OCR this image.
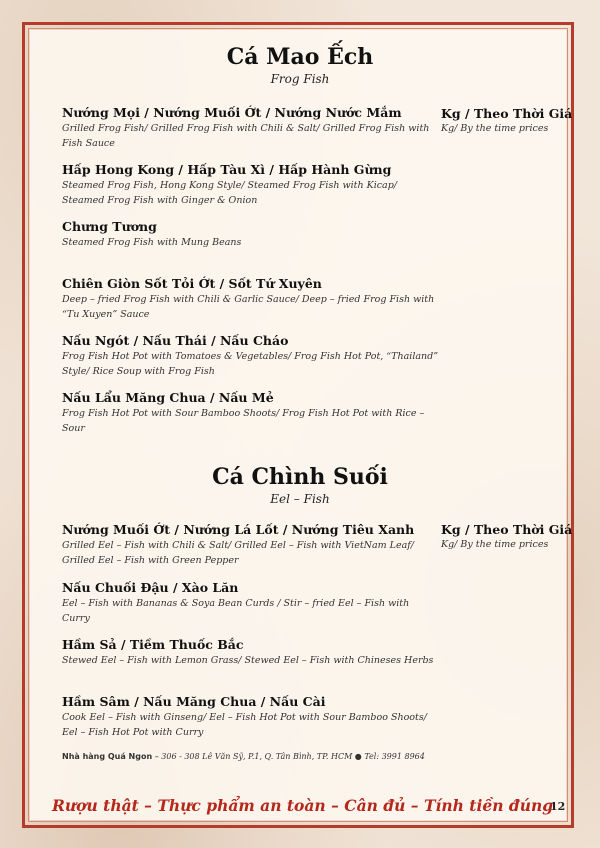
Cá Mao Ếch
Frog Fish
Kg / Theo Thời Giá
Kg/ By the time prices
Nướng Mọi / Nướng Muối Ớt / Nướng Nước Mắm
Grilled Frog Fish/ Grilled Frog Fish with Chili & Salt/ Grilled Frog Fish with
Fish Sauce
Hấp Hong Kong / Hấp Tàu Xì / Hấp Hành Gừng
Steamed Frog Fish, Hong Kong Style/ Steamed Frog Fish with Kicap/
Steamed Frog Fish with Ginger & Onion
Chưng Tương
Steamed Frog Fish with Mung Beans
Chiên Giòn Sốt Tỏi Ớt / Sốt Tứ Xuyên
Deep – fried Frog Fish with Chili & Garlic Sauce/ Deep – fried Frog Fish with
“Tu Xuyen” Sauce
Nấu Ngót / Nấu Thái / Nấu Cháo
Frog Fish Hot Pot with Tomatoes & Vegetables/ Frog Fish Hot Pot, “Thailand”
Style/ Rice Soup with Frog Fish
Nấu Lẩu Măng Chua / Nấu Mẻ
Frog Fish Hot Pot with Sour Bamboo Shoots/ Frog Fish Hot Pot with Rice –
Sour
Cá Chình Suối
Eel – Fish
Kg / Theo Thời Giá
Kg/ By the time prices
Nướng Muối Ớt / Nướng Lá Lốt / Nướng Tiêu Xanh
Grilled Eel – Fish with Chili & Salt/ Grilled Eel – Fish with VietNam Leaf/
Grilled Eel – Fish with Green Pepper
Nấu Chuối Đậu / Xào Lăn
Eel – Fish with Bananas & Soya Bean Curds / Stir – fried Eel – Fish with
Curry
Hầm Sả / Tiềm Thuốc Bắc
Stewed Eel – Fish with Lemon Grass/ Stewed Eel – Fish with Chineses Herbs
Hầm Sâm / Nấu Măng Chua / Nấu Cài
Cook Eel – Fish with Ginseng/ Eel – Fish Hot Pot with Sour Bamboo Shoots/
Eel – Fish Hot Pot with Curry
Nhà hàng Quá Ngon – 306 - 308 Lê Văn Sỹ, P.1, Q. Tân Bình, TP. HCM ● Tel: 3991 8964
Rượu thật – Thực phẩm an toàn – Cân đủ – Tính tiền đúng
12
